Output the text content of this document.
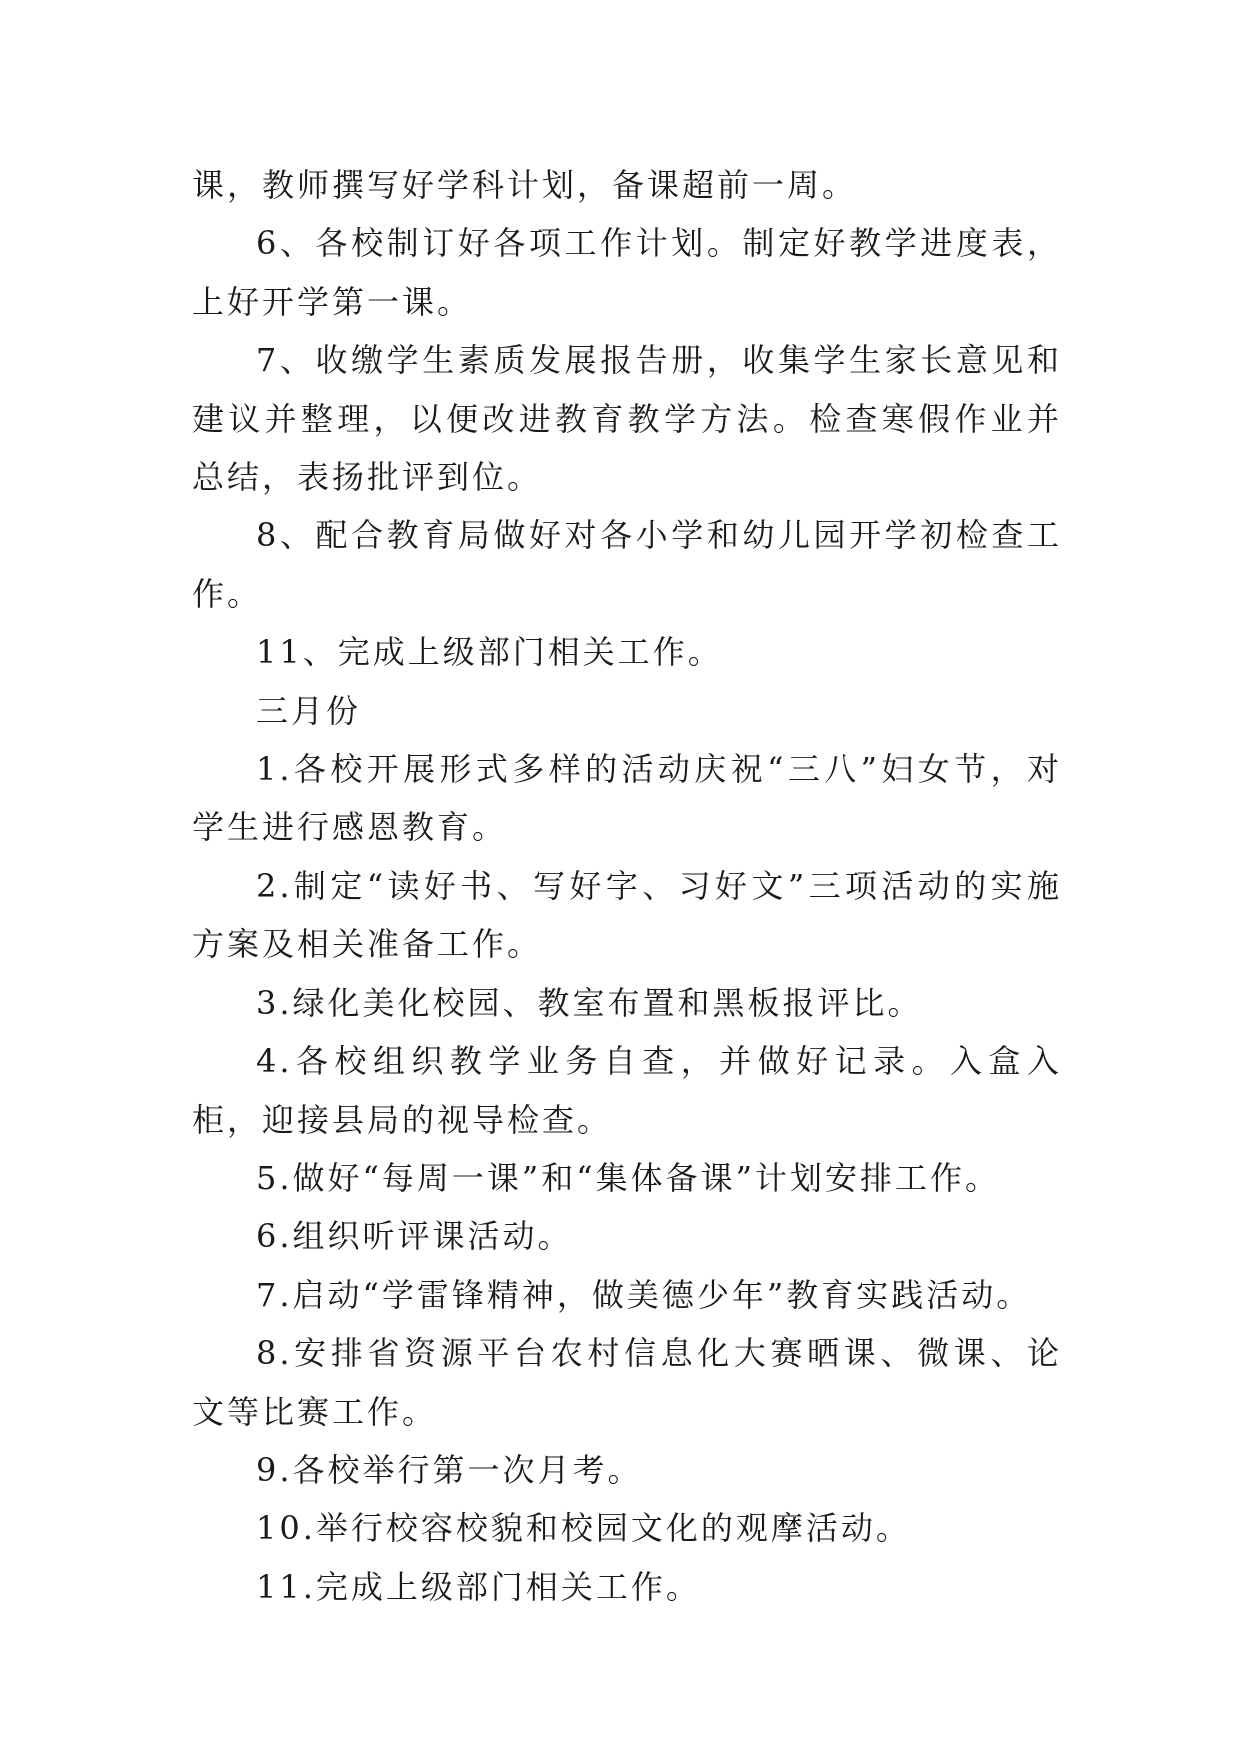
课，教师撰写好学科计划，备课超前一周。

6、各校制订好各项工作计划。制定好教学进度表，上好开学第一课。

7、收缴学生素质发展报告册，收集学生家长意见和建议并整理，以便改进教育教学方法。检查寒假作业并总结，表扬批评到位。

8、配合教育局做好对各小学和幼儿园开学初检查工作。

11、完成上级部门相关工作。

三月份

1.各校开展形式多样的活动庆祝“三八”妇女节，对学生进行感恩教育。

2.制定“读好书、写好字、习好文”三项活动的实施方案及相关准备工作。

3.绿化美化校园、教室布置和黑板报评比。

4.各校组织教学业务自查，并做好记录。入盒入柜，迎接县局的视导检查。

5.做好“每周一课”和“集体备课”计划安排工作。

6.组织听评课活动。

7.启动“学雷锋精神，做美德少年”教育实践活动。

8.安排省资源平台农村信息化大赛晒课、微课、论文等比赛工作。

9.各校举行第一次月考。

10.举行校容校貌和校园文化的观摩活动。

11.完成上级部门相关工作。
